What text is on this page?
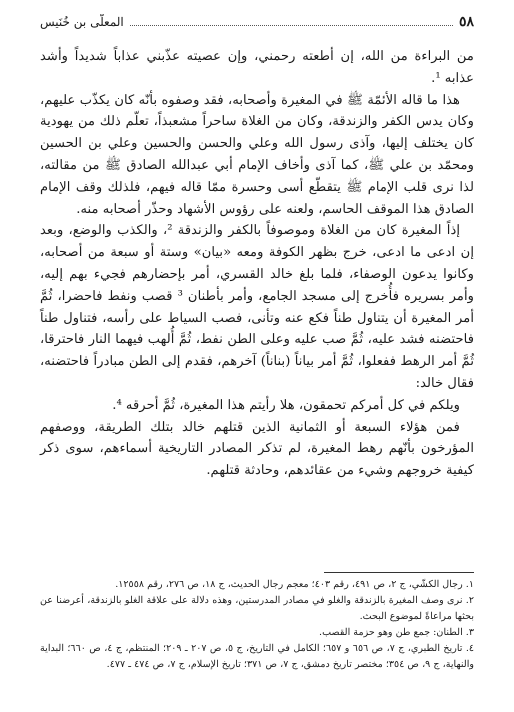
٥٨
المعلّى بن خُنَيس

من البراءة من الله، إن أطعته رحمني، وإن عصيته عذّبني عذاباً شديداً وأشد عذابه ¹.

هذا ما قاله الأئمّة ﷺ في المغيرة وأصحابه، فقد وصفوه بأنّه كان يكذّب عليهم، وكان يدس الكفر والزندقة، وكان من الغلاة ساحراً مشعبذاً، تعلّم ذلك من يهودية كان يختلف إليها، وآذى رسول الله وعلي والحسن والحسين وعلي بن الحسين ومحمّد بن علي ﷺ، كما آذى وأخاف الإمام أبي عبدالله الصادق ﷺ من مقالته، لذا نرى قلب الإمام ﷺ يتقطّع أسى وحسرة ممّا قاله فيهم، فلذلك وقف الإمام الصادق هذا الموقف الحاسم، ولعنه على رؤوس الأشهاد وحذّر أصحابه منه.

إذاً المغيرة كان من الغلاة وموصوفاً بالكفر والزندقة ²، والكذب والوضع، وبعد إن ادعى ما ادعى، خرج بظهر الكوفة ومعه «بيان» وستة أو سبعة من أصحابه، وكانوا يدعون الوصفاء، فلما بلغ خالد القسري، أمر بإحضارهم فجيء بهم إليه، وأمر بسريره فأُخرج إلى مسجد الجامع، وأمر بأطنان ³ قصب ونفط فاحضرا، ثُمَّ أمر المغيرة أن يتناول طناً فكع عنه وتأنى، فصب السياط على رأسه، فتناول طناً فاحتضنه فشد عليه، ثُمَّ صب عليه وعلى الطن نفط، ثُمَّ أُلهب فيهما النار فاحترقا، ثُمَّ أمر الرهط ففعلوا، ثُمَّ أمر بياناً (بناناً) آخرهم، فقدم إلى الطن مبادراً فاحتضنه، فقال خالد:

ويلكم في كل أمركم تحمقون، هلا رأيتم هذا المغيرة، ثُمَّ أحرقه ⁴.

فمن هؤلاء السبعة أو الثمانية الذين قتلهم خالد بتلك الطريقة، ووصفهم المؤرخون بأنّهم رهط المغيرة، لم تذكر المصادر التاريخية أسماءهم، سوى ذكر كيفية خروجهم وشيء من عقائدهم، وحادثة قتلهم.

١. رجال الكشّي، ج ٢، ص ٤٩١، رقم ٤٠٣؛ معجم رجال الحديث، ج ١٨، ص ٢٧٦، رقم ١٢٥٥٨.

٢. نرى وصف المغيرة بالزندقة والغلو في مصادر المدرستين، وهذه دلالة على علاقة الغلو بالزندقة، أعرضنا عن بحثها مراعاةً لموضوع البحث.

٣. الطنان: جمع طن وهو حزمة القصب.

٤. تاريخ الطبري، ج ٧، ص ٦٥٦ و ٦٥٧؛ الكامل في التاريخ، ج ٥، ص ٢٠٧ ـ ٢٠٩؛ المنتظم، ج ٤، ص ٦٦٠؛ البداية والنهاية، ج ٩، ص ٣٥٤؛ مختصر تاريخ دمشق، ج ٧، ص ٣٧١؛ تاريخ الإسلام، ج ٧، ص ٤٧٤ ـ ٤٧٧.
